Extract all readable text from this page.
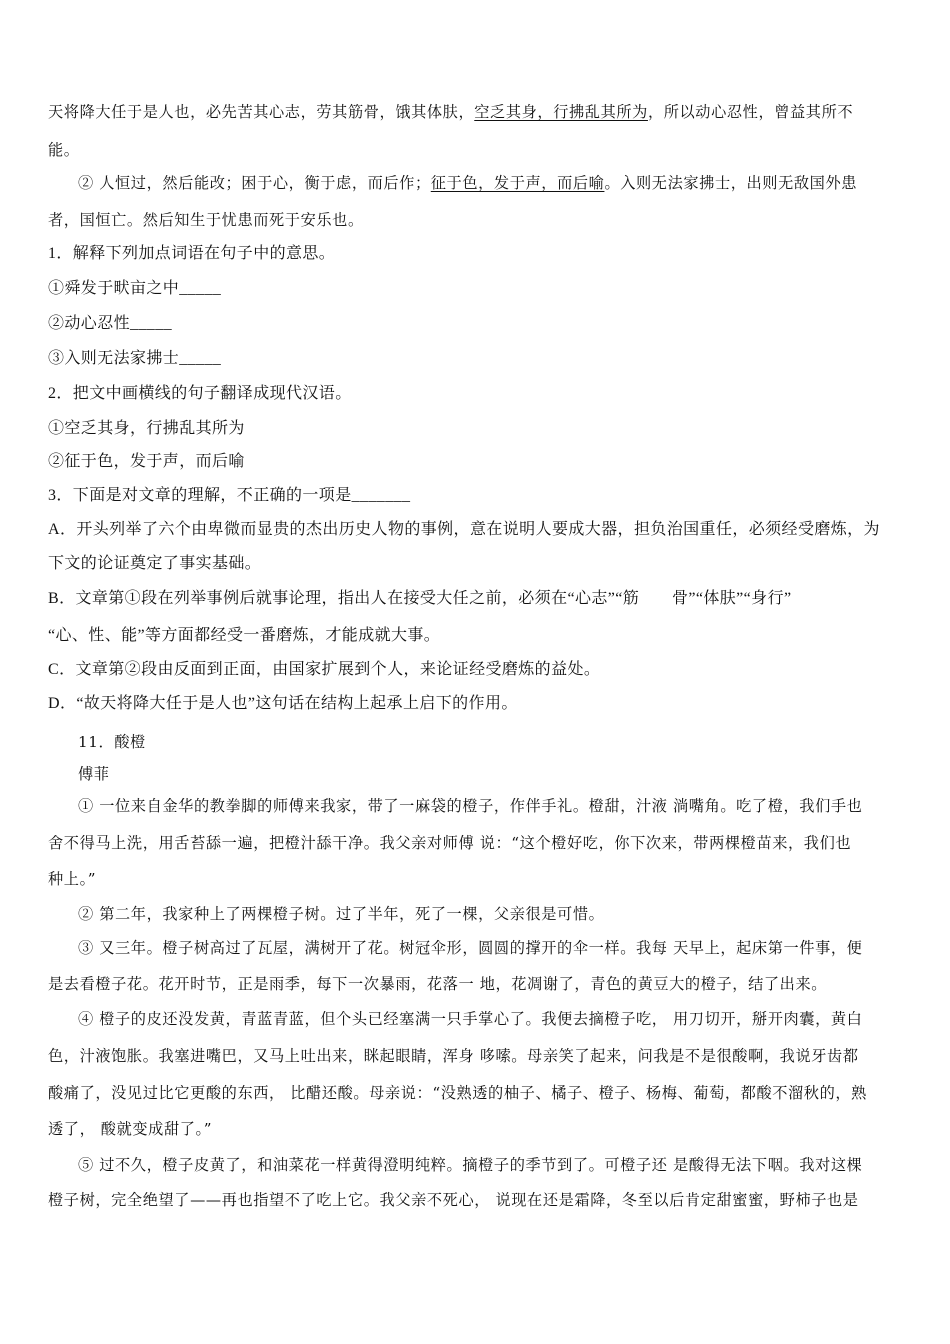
天将降大任于是人也，必先苦其心志，劳其筋骨，饿其体肤，空乏其身，行拂乱其所为，所以动心忍性，曾益其所不
能。
② 人恒过，然后能改；困于心，衡于虑，而后作；征于色，发于声，而后喻。入则无法家拂士，出则无敌国外患
者，国恒亡。然后知生于忧患而死于安乐也。
1．解释下列加点词语在句子中的意思。
①舜发于畎亩之中_____
②动心忍性_____
③入则无法家拂士_____
2．把文中画横线的句子翻译成现代汉语。
①空乏其身，行拂乱其所为
②征于色，发于声，而后喻
3．下面是对文章的理解，不正确的一项是_______
A．开头列举了六个由卑微而显贵的杰出历史人物的事例，意在说明人要成大器，担负治国重任，必须经受磨炼，为
下文的论证奠定了事实基础。
B．文章第①段在列举事例后就事论理，指出人在接受大任之前，必须在“心志”“筋　　骨”“体肤”“身行”
“心、性、能”等方面都经受一番磨炼，才能成就大事。
C．文章第②段由反面到正面，由国家扩展到个人，来论证经受磨炼的益处。
D．“故天将降大任于是人也”这句话在结构上起承上启下的作用。
11．酸橙
傅菲
① 一位来自金华的教拳脚的师傅来我家，带了一麻袋的橙子，作伴手礼。橙甜，汁液 淌嘴角。吃了橙，我们手也
舍不得马上洗，用舌苔舔一遍，把橙汁舔干净。我父亲对师傅 说：“这个橙好吃，你下次来，带两棵橙苗来，我们也
种上。”
② 第二年，我家种上了两棵橙子树。过了半年，死了一棵，父亲很是可惜。
③ 又三年。橙子树高过了瓦屋，满树开了花。树冠伞形，圆圆的撑开的伞一样。我每 天早上，起床第一件事，便
是去看橙子花。花开时节，正是雨季，每下一次暴雨，花落一 地，花凋谢了，青色的黄豆大的橙子，结了出来。
④ 橙子的皮还没发黄，青蓝青蓝，但个头已经塞满一只手掌心了。我便去摘橙子吃， 用刀切开，掰开肉囊，黄白
色，汁液饱胀。我塞进嘴巴，又马上吐出来，眯起眼睛，浑身 哆嗦。母亲笑了起来，问我是不是很酸啊，我说牙齿都
酸痛了，没见过比它更酸的东西， 比醋还酸。母亲说：“没熟透的柚子、橘子、橙子、杨梅、葡萄，都酸不溜秋的，熟
透了， 酸就变成甜了。”
⑤ 过不久，橙子皮黄了，和油菜花一样黄得澄明纯粹。摘橙子的季节到了。可橙子还 是酸得无法下咽。我对这棵
橙子树，完全绝望了——再也指望不了吃上它。我父亲不死心， 说现在还是霜降，冬至以后肯定甜蜜蜜，野柿子也是
